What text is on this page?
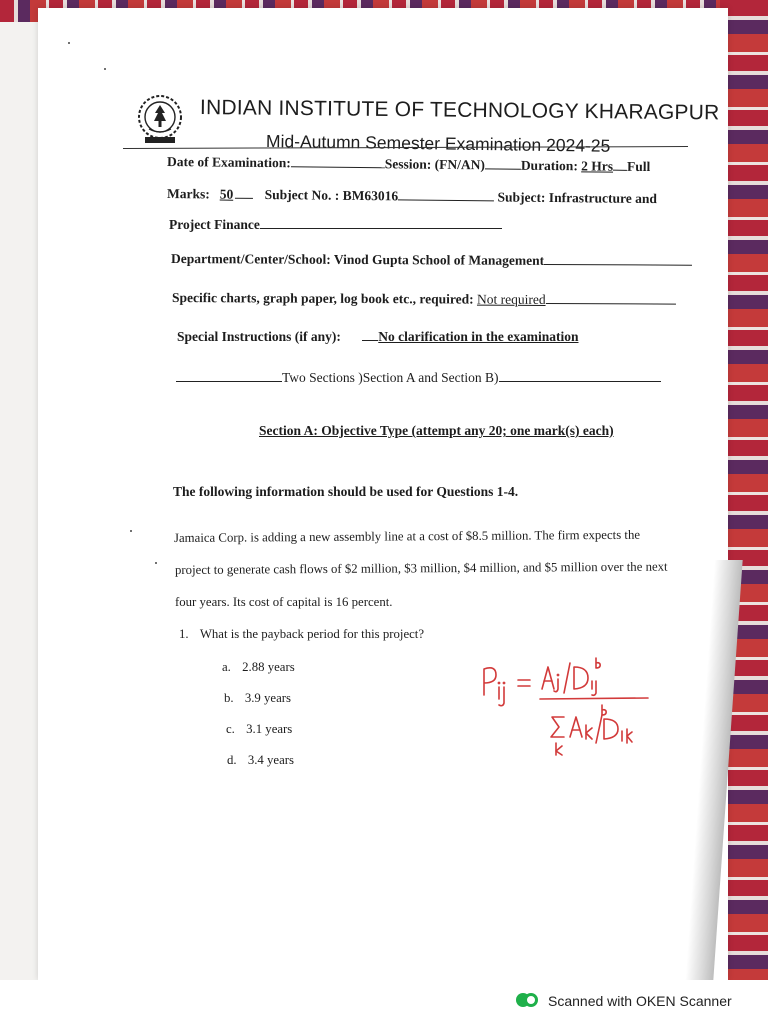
INDIAN INSTITUTE OF TECHNOLOGY KHARAGPUR
Mid-Autumn Semester Examination 2024-25
Date of Examination:	Session: (FN/AN)	Duration: 2 Hrs Full
Marks: 50 Subject No. : BM63016	Subject: Infrastructure and
Project Finance
Department/Center/School: Vinod Gupta School of Management
Specific charts, graph paper, log book etc., required: Not required
Special Instructions (if any):	No clarification in the examination
Two Sections )Section A and Section B)
Section A: Objective Type (attempt any 20; one mark(s) each)
The following information should be used for Questions 1-4.
Jamaica Corp. is adding a new assembly line at a cost of $8.5 million. The firm expects the
project to generate cash flows of $2 million, $3 million, $4 million, and $5 million over the next
four years. Its cost of capital is 16 percent.
1. What is the payback period for this project?
a. 2.88 years
b. 3.9 years
c. 3.1 years
d. 3.4 years
Scanned with OKEN Scanner
